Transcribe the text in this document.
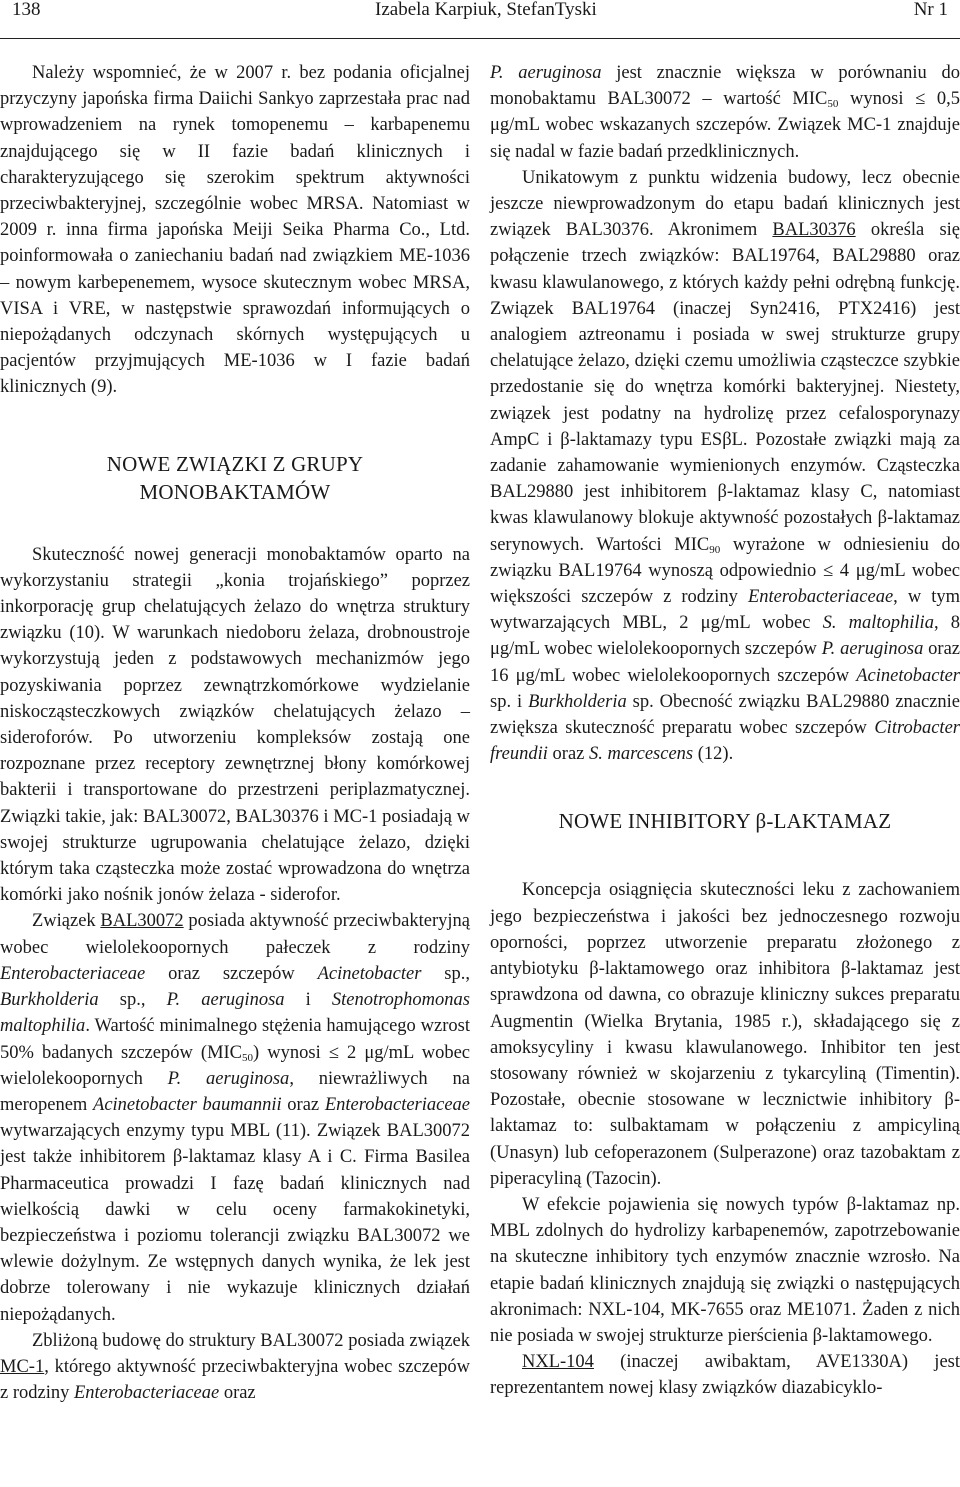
138	Izabela Karpiuk, StefanTyski	Nr 1

Należy wspomnieć, że w 2007 r. bez podania oficjalnej przyczyny japońska firma Daiichi Sankyo zaprzestała prac nad wprowadzeniem na rynek tomopenemu – karbapenemu znajdującego się w II fazie badań klinicznych i charakteryzującego się szerokim spektrum aktywności przeciwbakteryjnej, szczególnie wobec MRSA. Natomiast w 2009 r. inna firma japońska Meiji Seika Pharma Co., Ltd. poinformowała o zaniechaniu badań nad związkiem ME-1036 – nowym karbepenemem, wysoce skutecznym wobec MRSA, VISA i VRE, w następstwie sprawozdań informujących o niepożądanych odczynach skórnych występujących u pacjentów przyjmujących ME-1036 w I fazie badań klinicznych (9).

NOWE ZWIĄZKI Z GRUPY
MONOBAKTAMÓW

Skuteczność nowej generacji monobaktamów oparto na wykorzystaniu strategii „konia trojańskiego” poprzez inkorporację grup chelatujących żelazo do wnętrza struktury związku (10). W warunkach niedoboru żelaza, drobnoustroje wykorzystują jeden z podstawowych mechanizmów jego pozyskiwania poprzez zewnątrzkomórkowe wydzielanie niskocząsteczkowych związków chelatujących żelazo – sideroforów. Po utworzeniu kompleksów zostają one rozpoznane przez receptory zewnętrznej błony komórkowej bakterii i transportowane do przestrzeni periplazmatycznej. Związki takie, jak: BAL30072, BAL30376 i MC-1 posiadają w swojej strukturze ugrupowania chelatujące żelazo, dzięki którym taka cząsteczka może zostać wprowadzona do wnętrza komórki jako nośnik jonów żelaza - siderofor.

Związek BAL30072 posiada aktywność przeciwbakteryjną wobec wielolekoopornych pałeczek z rodziny Enterobacteriaceae oraz szczepów Acinetobacter sp., Burkholderia sp., P. aeruginosa i Stenotrophomonas maltophilia. Wartość minimalnego stężenia hamującego wzrost 50% badanych szczepów $(MIC_{50})$ wynosi ≤ 2 μg/mL wobec wielolekoopornych P. aeruginosa, niewrażliwych na meropenem Acinetobacter baumannii oraz Enterobacteriaceae wytwarzających enzymy typu MBL (11). Związek BAL30072 jest także inhibitorem β-laktamaz klasy A i C. Firma Basilea Pharmaceutica prowadzi I fazę badań klinicznych nad wielkością dawki w celu oceny farmakokinetyki, bezpieczeństwa i poziomu tolerancji związku BAL30072 we wlewie dożylnym. Ze wstępnych danych wynika, że lek jest dobrze tolerowany i nie wykazuje klinicznych działań niepożądanych.

Zbliżoną budowę do struktury BAL30072 posiada związek MC-1, którego aktywność przeciwbakteryjna wobec szczepów z rodziny Enterobacteriaceae oraz

P. aeruginosa jest znacznie większa w porównaniu do monobaktamu BAL30072 – wartość $MIC_{50}$ wynosi ≤ 0,5 μg/mL wobec wskazanych szczepów. Związek MC-1 znajduje się nadal w fazie badań przedklinicznych.

Unikatowym z punktu widzenia budowy, lecz obecnie jeszcze niewprowadzonym do etapu badań klinicznych jest związek BAL30376. Akronimem BAL30376 określa się połączenie trzech związków: BAL19764, BAL29880 oraz kwasu klawulanowego, z których każdy pełni odrębną funkcję. Związek BAL19764 (inaczej Syn2416, PTX2416) jest analogiem aztreonamu i posiada w swej strukturze grupy chelatujące żelazo, dzięki czemu umożliwia cząsteczce szybkie przedostanie się do wnętrza komórki bakteryjnej. Niestety, związek jest podatny na hydrolizę przez cefalosporynazy AmpC i β-laktamazy typu ESβL. Pozostałe związki mają za zadanie zahamowanie wymienionych enzymów. Cząsteczka BAL29880 jest inhibitorem β-laktamaz klasy C, natomiast kwas klawulanowy blokuje aktywność pozostałych β-laktamaz serynowych. Wartości $MIC_{90}$ wyrażone w odniesieniu do związku BAL19764 wynoszą odpowiednio ≤ 4 μg/mL wobec większości szczepów z rodziny Enterobacteriaceae, w tym wytwarzających MBL, 2 μg/mL wobec S. maltophilia, 8 μg/mL wobec wielolekoopornych szczepów P. aeruginosa oraz 16 μg/mL wobec wielolekoopornych szczepów Acinetobacter sp. i Burkholderia sp. Obecność związku BAL29880 znacznie zwiększa skuteczność preparatu wobec szczepów Citrobacter freundii oraz S. marcescens (12).

NOWE INHIBITORY β-LAKTAMAZ

Koncepcja osiągnięcia skuteczności leku z zachowaniem jego bezpieczeństwa i jakości bez jednoczesnego rozwoju oporności, poprzez utworzenie preparatu złożonego z antybiotyku β-laktamowego oraz inhibitora β-laktamaz jest sprawdzona od dawna, co obrazuje kliniczny sukces preparatu Augmentin (Wielka Brytania, 1985 r.), składającego się z amoksycyliny i kwasu klawulanowego. Inhibitor ten jest stosowany również w skojarzeniu z tykarcyliną (Timentin). Pozostałe, obecnie stosowane w lecznictwie inhibitory β-laktamaz to: sulbaktamam w połączeniu z ampicyliną (Unasyn) lub cefoperazonem (Sulperazone) oraz tazobaktam z piperacyliną (Tazocin).

W efekcie pojawienia się nowych typów β-laktamaz np. MBL zdolnych do hydrolizy karbapenemów, zapotrzebowanie na skuteczne inhibitory tych enzymów znacznie wzrosło. Na etapie badań klinicznych znajdują się związki o następujących akronimach: NXL-104, MK-7655 oraz ME1071. Żaden z nich nie posiada w swojej strukturze pierścienia β-laktamowego.

NXL-104 (inaczej awibaktam, AVE1330A) jest reprezentantem nowej klasy związków diazabicyklo-
